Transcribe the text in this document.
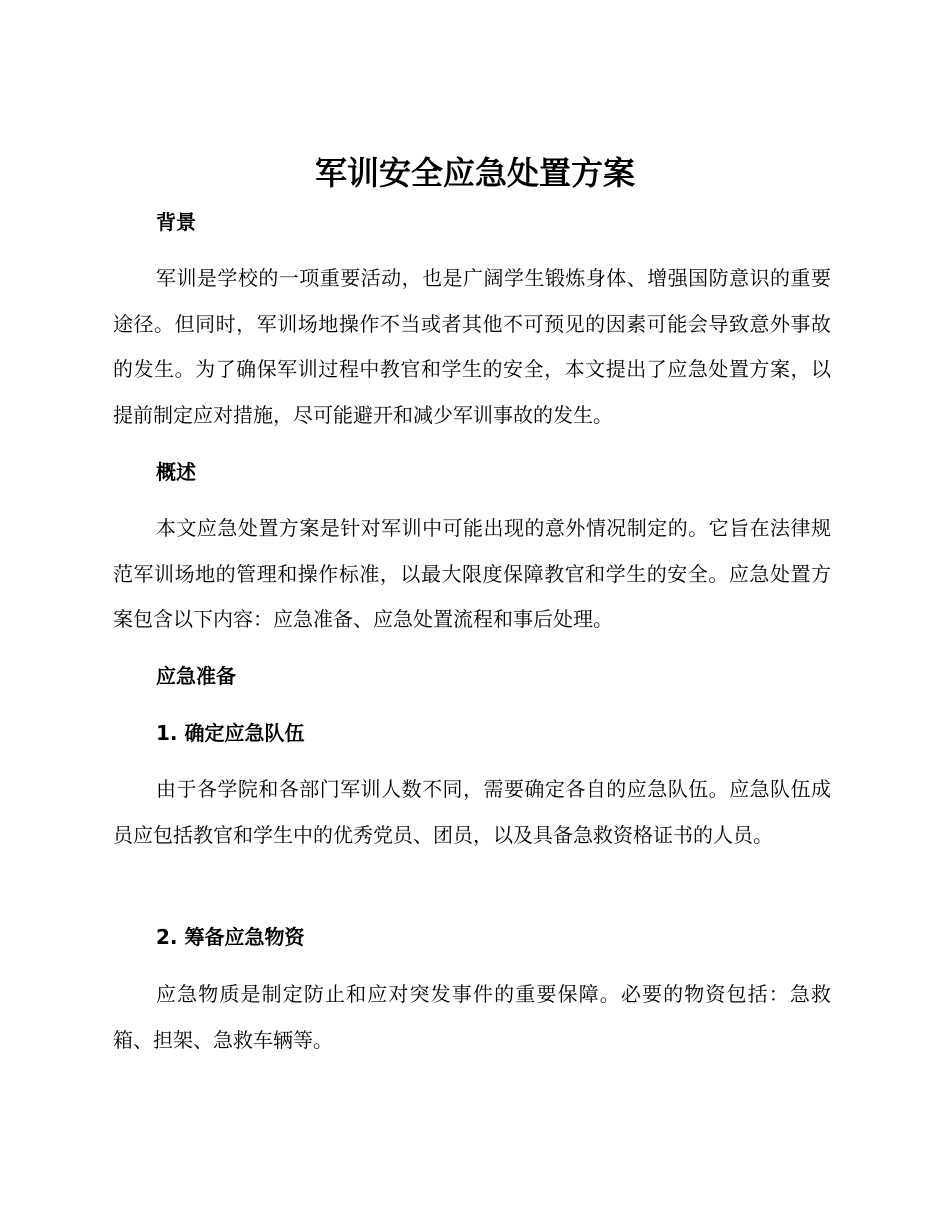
军训安全应急处置方案
背景

军训是学校的一项重要活动，也是广阔学生锻炼身体、增强国防意识的重要途径。但同时，军训场地操作不当或者其他不可预见的因素可能会导致意外事故的发生。为了确保军训过程中教官和学生的安全，本文提出了应急处置方案，以提前制定应对措施，尽可能避开和减少军训事故的发生。

概述

本文应急处置方案是针对军训中可能出现的意外情况制定的。它旨在法律规范军训场地的管理和操作标准，以最大限度保障教官和学生的安全。应急处置方案包含以下内容：应急准备、应急处置流程和事后处理。

应急准备
1. 确定应急队伍

由于各学院和各部门军训人数不同，需要确定各自的应急队伍。应急队伍成员应包括教官和学生中的优秀党员、团员，以及具备急救资格证书的人员。

2. 筹备应急物资

应急物质是制定防止和应对突发事件的重要保障。必要的物资包括：急救箱、担架、急救车辆等。
